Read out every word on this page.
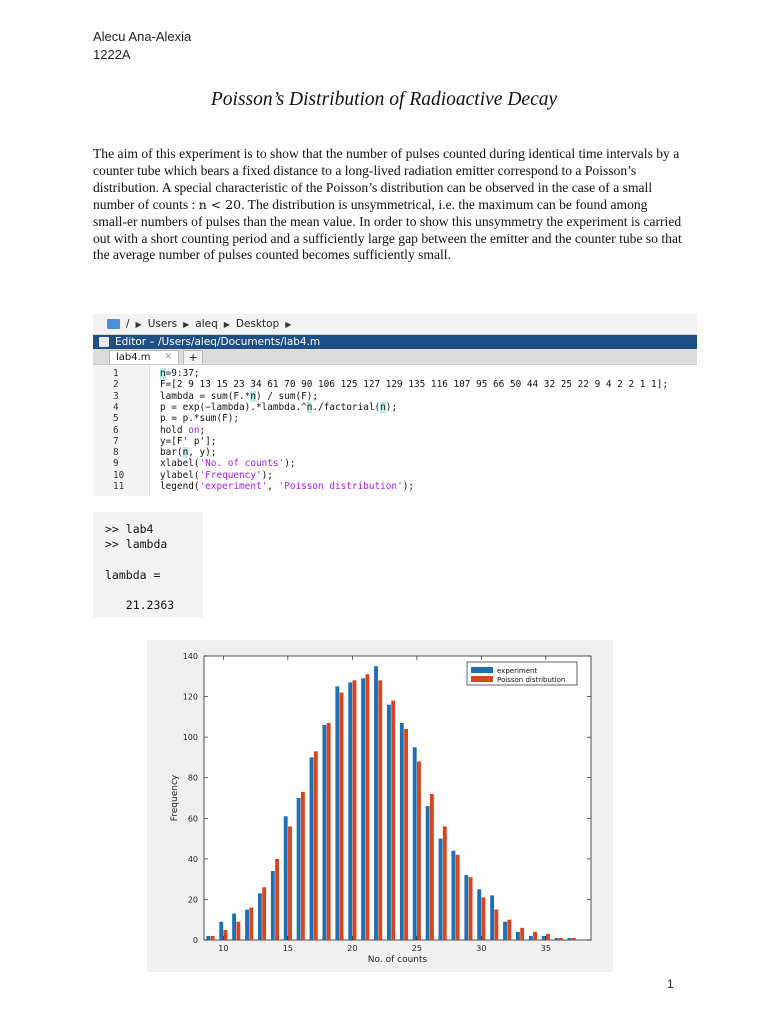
Alecu Ana-Alexia
1222A
Poisson’s Distribution of Radioactive Decay
The aim of this experiment is to show that the number of pulses counted during identical time intervals by a counter tube which bears a fixed distance to a long-lived radiation emitter correspond to a Poisson’s distribution. A special characteristic of the Poisson’s distribution can be observed in the case of a small number of counts : n < 20. The distribution is unsymmetrical, i.e. the maximum can be found among small-er numbers of pulses than the mean value. In order to show this unsymmetry the experiment is carried out with a short counting period and a sufficiently large gap between the emitter and the counter tube so that the average number of pulses counted becomes sufficiently small.
/ ▶ Users ▶ aleq ▶ Desktop ▶
Editor – /Users/aleq/Documents/lab4.m
lab4.m ✕	+
1	n=9:37;
2	F=[2 9 13 15 23 34 61 70 90 106 125 127 129 135 116 107 95 66 50 44 32 25 22 9 4 2 2 1 1];
3	lambda = sum(F.*n) / sum(F);
4	p = exp(−lambda).*lambda.^n./factorial(n);
5	p = p.*sum(F);
6	hold on;
7	y=[F' p'];
8	bar(n, y);
9	xlabel('No. of counts');
10	ylabel('Frequency');
11	legend('experiment', 'Poisson distribution');
>> lab4
>> lambda
lambda =
21.2363
0
20
40
60
80
100
120
140
10	15	20	25	30	35
No. of counts
Frequency
experiment
Poisson distribution
1
